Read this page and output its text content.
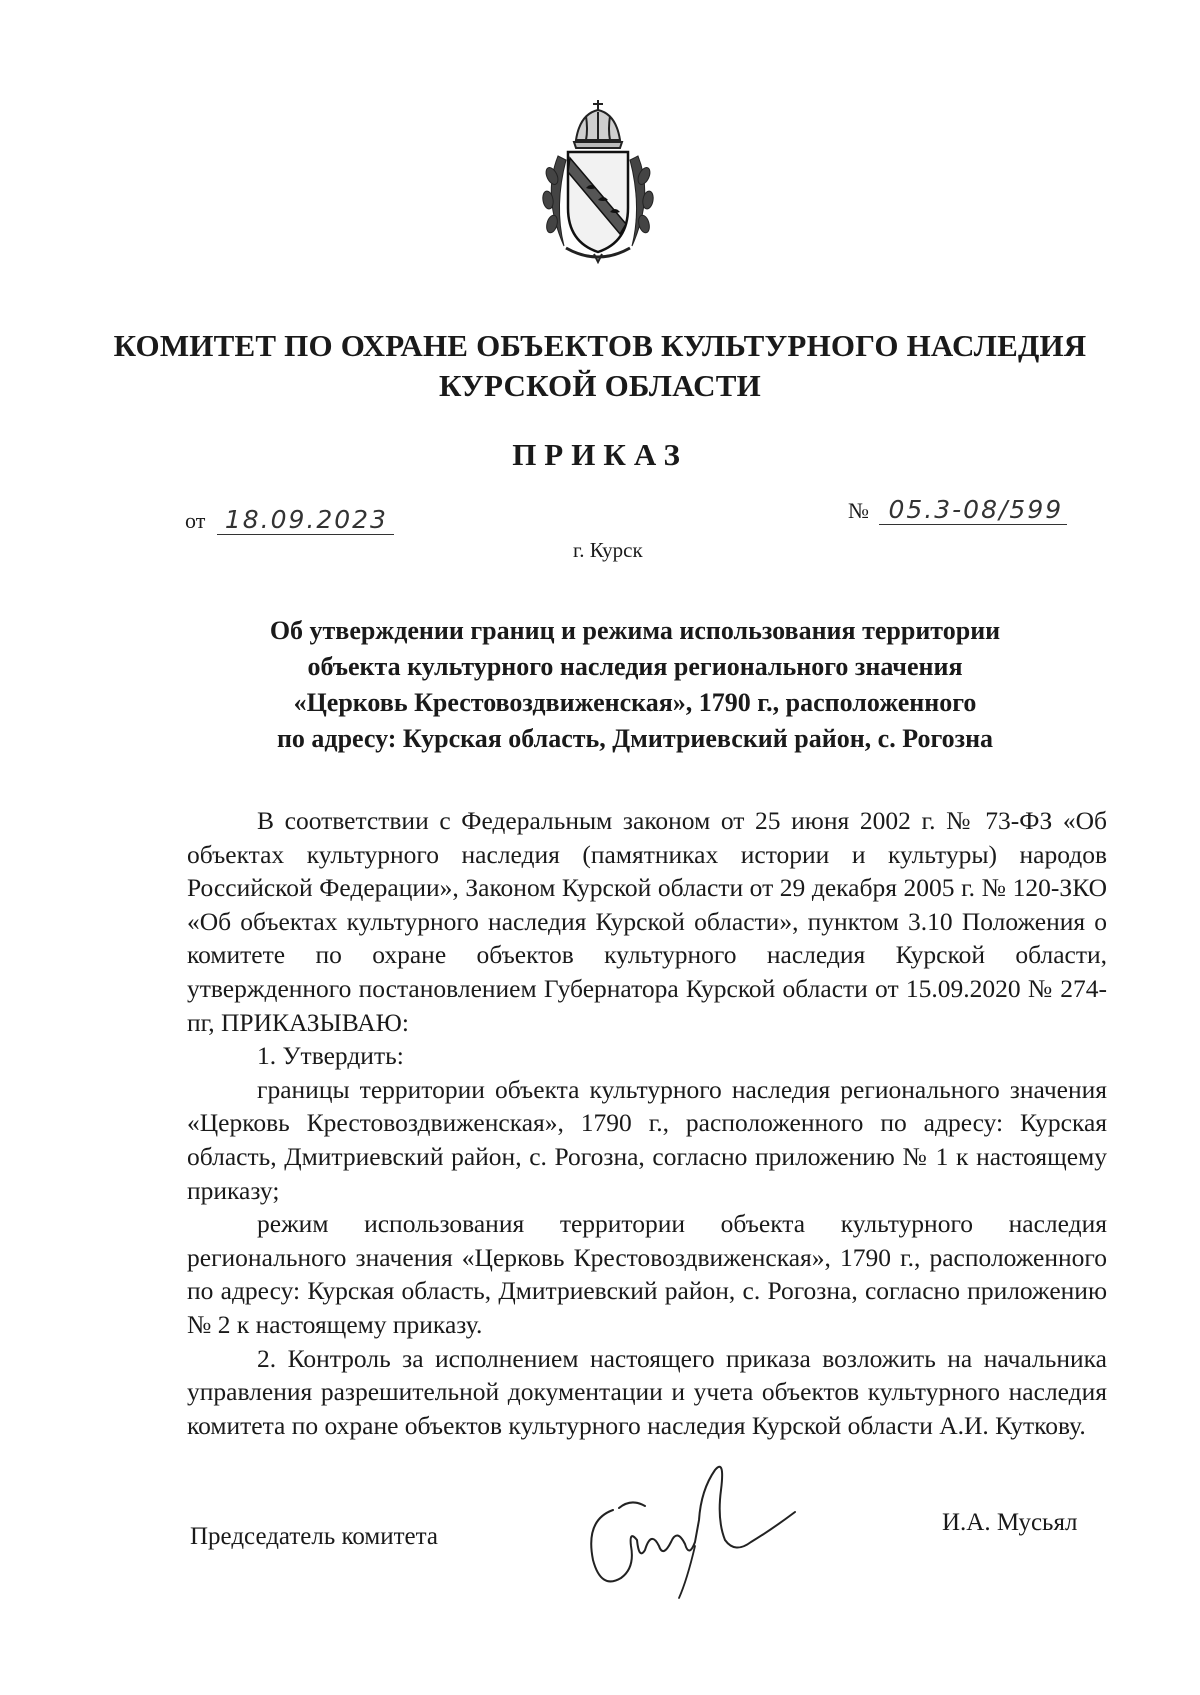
КОМИТЕТ ПО ОХРАНЕ ОБЪЕКТОВ КУЛЬТУРНОГО НАСЛЕДИЯ
КУРСКОЙ ОБЛАСТИ
ПРИКАЗ
от 18.09.2023	№ 05.3-08/599
г. Курск
Об утверждении границ и режима использования территории
объекта культурного наследия регионального значения
«Церковь Крестовоздвиженская», 1790 г., расположенного
по адресу: Курская область, Дмитриевский район, с. Рогозна

В соответствии с Федеральным законом от 25 июня 2002 г. № 73-ФЗ «Об объектах культурного наследия (памятниках истории и культуры) народов Российской Федерации», Законом Курской области от 29 декабря 2005 г. № 120-ЗКО «Об объектах культурного наследия Курской области», пунктом 3.10 Положения о комитете по охране объектов культурного наследия Курской области, утвержденного постановлением Губернатора Курской области от 15.09.2020 № 274-пг, ПРИКАЗЫВАЮ:

1. Утвердить:

границы территории объекта культурного наследия регионального значения «Церковь Крестовоздвиженская», 1790 г., расположенного по адресу: Курская область, Дмитриевский район, с. Рогозна, согласно приложению № 1 к настоящему приказу;

режим использования территории объекта культурного наследия регионального значения «Церковь Крестовоздвиженская», 1790 г., расположенного по адресу: Курская область, Дмитриевский район, с. Рогозна, согласно приложению № 2 к настоящему приказу.

2. Контроль за исполнением настоящего приказа возложить на начальника управления разрешительной документации и учета объектов культурного наследия комитета по охране объектов культурного наследия Курской области А.И. Куткову.

Председатель комитета
И.А. Мусьял
